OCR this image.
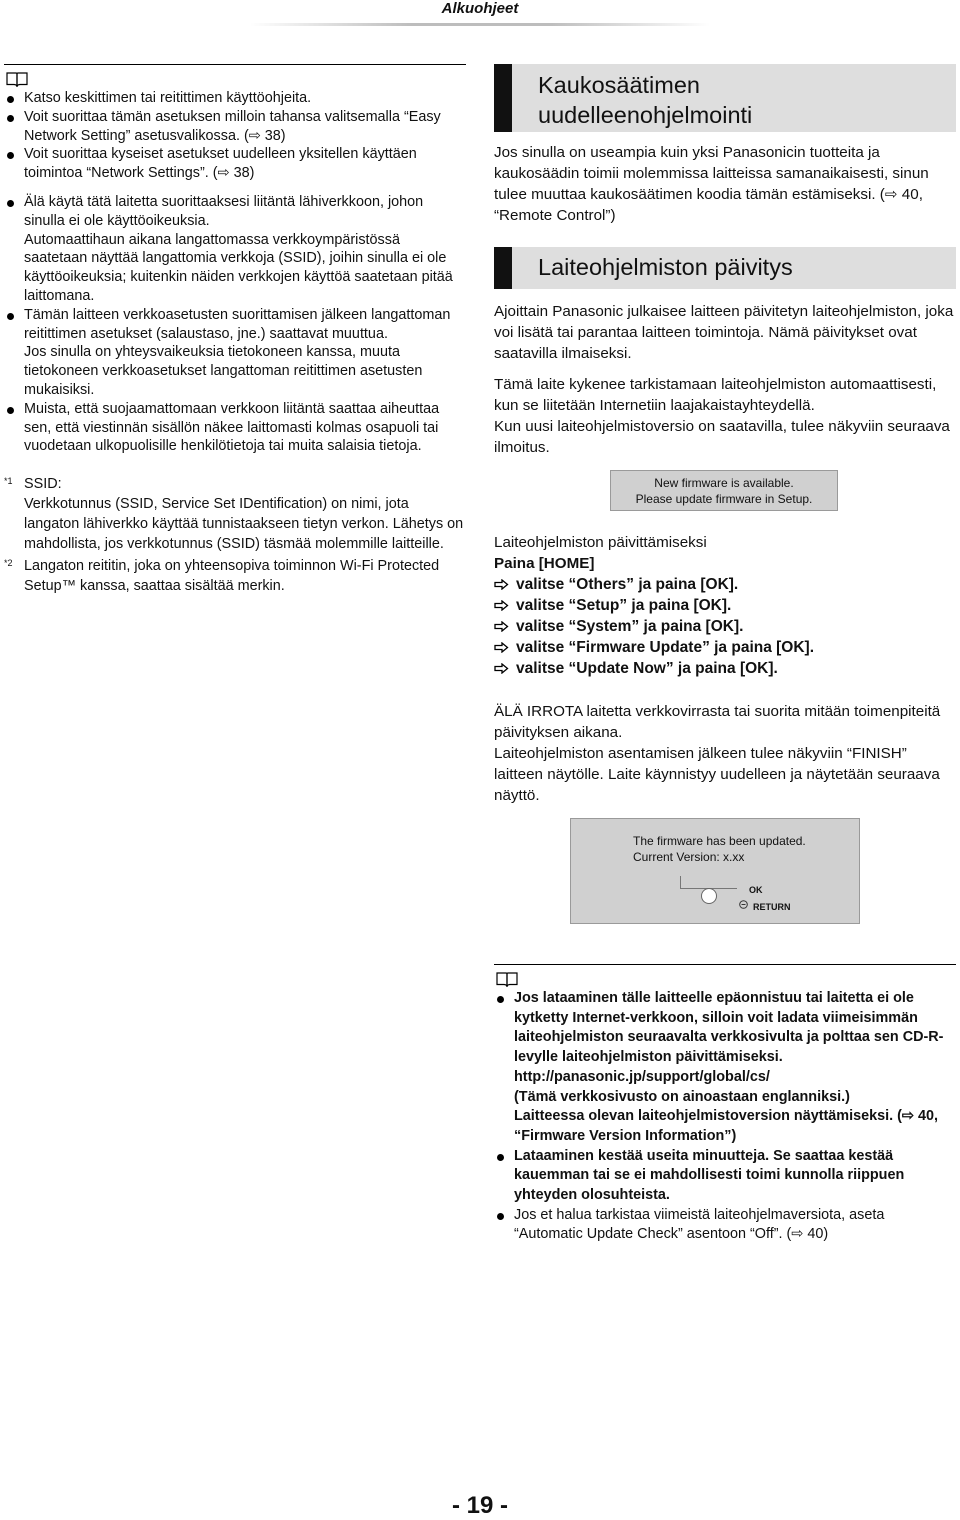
Alkuohjeet
Katso keskittimen tai reitittimen käyttöohjeita.
Voit suorittaa tämän asetuksen milloin tahansa valitsemalla “Easy Network Setting” asetusvalikossa. (⇨ 38)
Voit suorittaa kyseiset asetukset uudelleen yksitellen käyttäen toimintoa “Network Settings”. (⇨ 38)
Älä käytä tätä laitetta suorittaaksesi liitäntä lähiverkkoon, johon sinulla ei ole käyttöoikeuksia.
Automaattihaun aikana langattomassa verkkoympäristössä saatetaan näyttää langattomia verkkoja (SSID), joihin sinulla ei ole käyttöoikeuksia; kuitenkin näiden verkkojen käyttöä saatetaan pitää laittomana.
Tämän laitteen verkkoasetusten suorittamisen jälkeen langattoman reitittimen asetukset (salaustaso, jne.) saattavat muuttua.
Jos sinulla on yhteysvaikeuksia tietokoneen kanssa, muuta tietokoneen verkkoasetukset langattoman reitittimen asetusten mukaisiksi.
Muista, että suojaamattomaan verkkoon liitäntä saattaa aiheuttaa sen, että viestinnän sisällön näkee laittomasti kolmas osapuoli tai vuodetaan ulkopuolisille henkilötietoja tai muita salaisia tietoja.
*1 SSID:
Verkkotunnus (SSID, Service Set IDentification) on nimi, jota langaton lähiverkko käyttää tunnistaakseen tietyn verkon. Lähetys on mahdollista, jos verkkotunnus (SSID) täsmää molemmille laitteille.
*2 Langaton reititin, joka on yhteensopiva toiminnon Wi-Fi Protected Setup™ kanssa, saattaa sisältää merkin.
Kaukosäätimen uudelleenohjelmointi
Jos sinulla on useampia kuin yksi Panasonicin tuotteita ja kaukosäädin toimii molemmissa laitteissa samanaikaisesti, sinun tulee muuttaa kaukosäätimen koodia tämän estämiseksi. (⇨ 40, “Remote Control”)
Laiteohjelmiston päivitys
Ajoittain Panasonic julkaisee laitteen päivitetyn laiteohjelmiston, joka voi lisätä tai parantaa laitteen toimintoja. Nämä päivitykset ovat saatavilla ilmaiseksi.
Tämä laite kykenee tarkistamaan laiteohjelmiston automaattisesti, kun se liitetään Internetiin laajakaistayhteydellä.
Kun uusi laiteohjelmistoversio on saatavilla, tulee näkyviin seuraava ilmoitus.
New firmware is available.
Please update firmware in Setup.
Laiteohjelmiston päivittämiseksi
Paina [HOME]
valitse “Others” ja paina [OK].
valitse “Setup” ja paina [OK].
valitse “System” ja paina [OK].
valitse “Firmware Update” ja paina [OK].
valitse “Update Now” ja paina [OK].
ÄLÄ IRROTA laitetta verkkovirrasta tai suorita mitään toimenpiteitä päivityksen aikana.
Laiteohjelmiston asentamisen jälkeen tulee näkyviin “FINISH” laitteen näytölle. Laite käynnistyy uudelleen ja näytetään seuraava näyttö.
The firmware has been updated.
Current Version: x.xx
OK
RETURN
Jos lataaminen tälle laitteelle epäonnistuu tai laitetta ei ole kytketty Internet-verkkoon, silloin voit ladata viimeisimmän laiteohjelmiston seuraavalta verkkosivulta ja polttaa sen CD-R-levylle laiteohjelmiston päivittämiseksi.
http://panasonic.jp/support/global/cs/
(Tämä verkkosivusto on ainoastaan englanniksi.)
Laitteessa olevan laiteohjelmistoversion näyttämiseksi. (⇨ 40, “Firmware Version Information”)
Lataaminen kestää useita minuutteja. Se saattaa kestää kauemman tai se ei mahdollisesti toimi kunnolla riippuen yhteyden olosuhteista.
Jos et halua tarkistaa viimeistä laiteohjelmaversiota, aseta “Automatic Update Check” asentoon “Off”. (⇨ 40)
- 19 -
